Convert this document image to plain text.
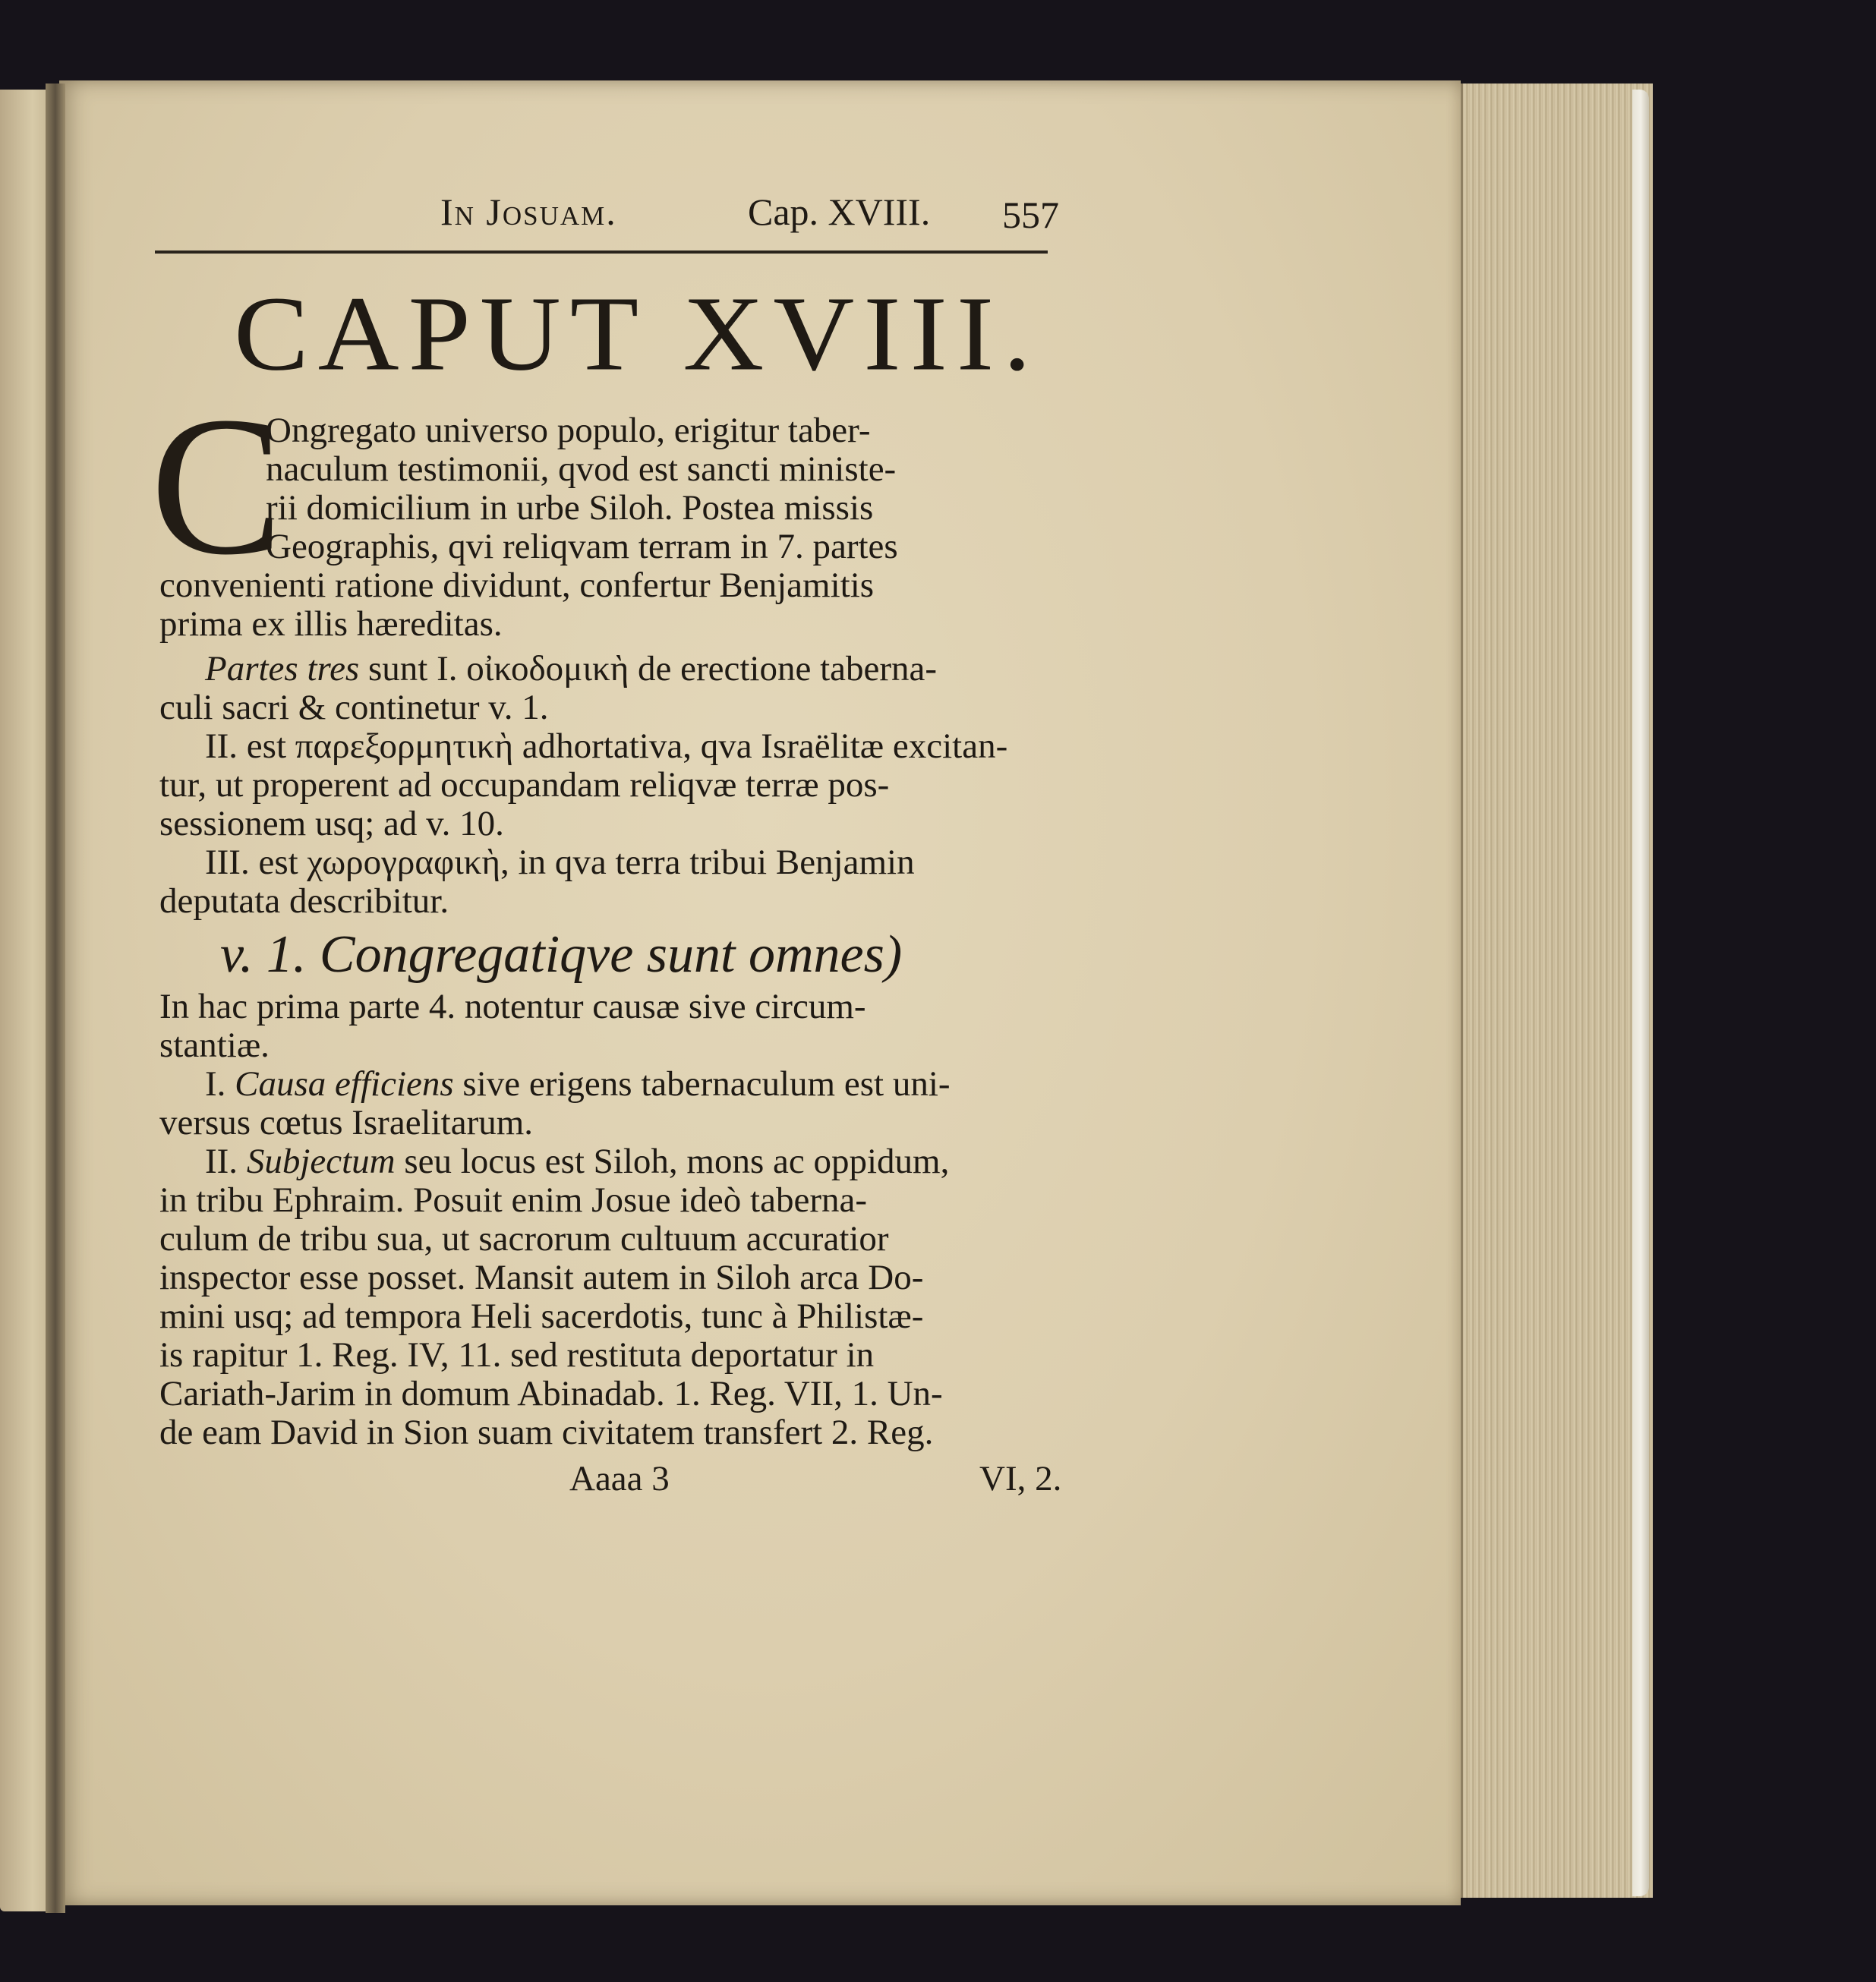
In Josuam.	Cap. XVIII. 557
CAPUT XVIII.
C
Ongregato universo populo, erigitur taber-
naculum testimonii, qvod est sancti ministe-
rii domicilium in urbe Siloh. Postea missis
Geographis, qvi reliqvam terram in 7. partes
convenienti ratione dividunt, confertur Benjamitis
prima ex illis hæreditas.
Partes tres sunt I. οἰκοδομικὴ de erectione taberna-
culi sacri & continetur v. 1.
II. est παρεξορμητικὴ adhortativa, qva Israëlitæ excitan-
tur, ut properent ad occupandam reliqvæ terræ pos-
sessionem usq; ad v. 10.
III. est χωρογραφικὴ, in qva terra tribui Benjamin
deputata describitur.
v. 1. Congregatiqve sunt omnes)
In hac prima parte 4. notentur causæ sive circum-
stantiæ.
I. Causa efficiens sive erigens tabernaculum est uni-
versus cœtus Israelitarum.
II. Subjectum seu locus est Siloh, mons ac oppidum,
in tribu Ephraim. Posuit enim Josue ideò taberna-
culum de tribu sua, ut sacrorum cultuum accuratior
inspector esse posset. Mansit autem in Siloh arca Do-
mini usq; ad tempora Heli sacerdotis, tunc à Philistæ-
is rapitur 1. Reg. IV, 11. sed restituta deportatur in
Cariath-Jarim in domum Abinadab. 1. Reg. VII, 1. Un-
de eam David in Sion suam civitatem transfert 2. Reg.
Aaaa 3	VI, 2.
